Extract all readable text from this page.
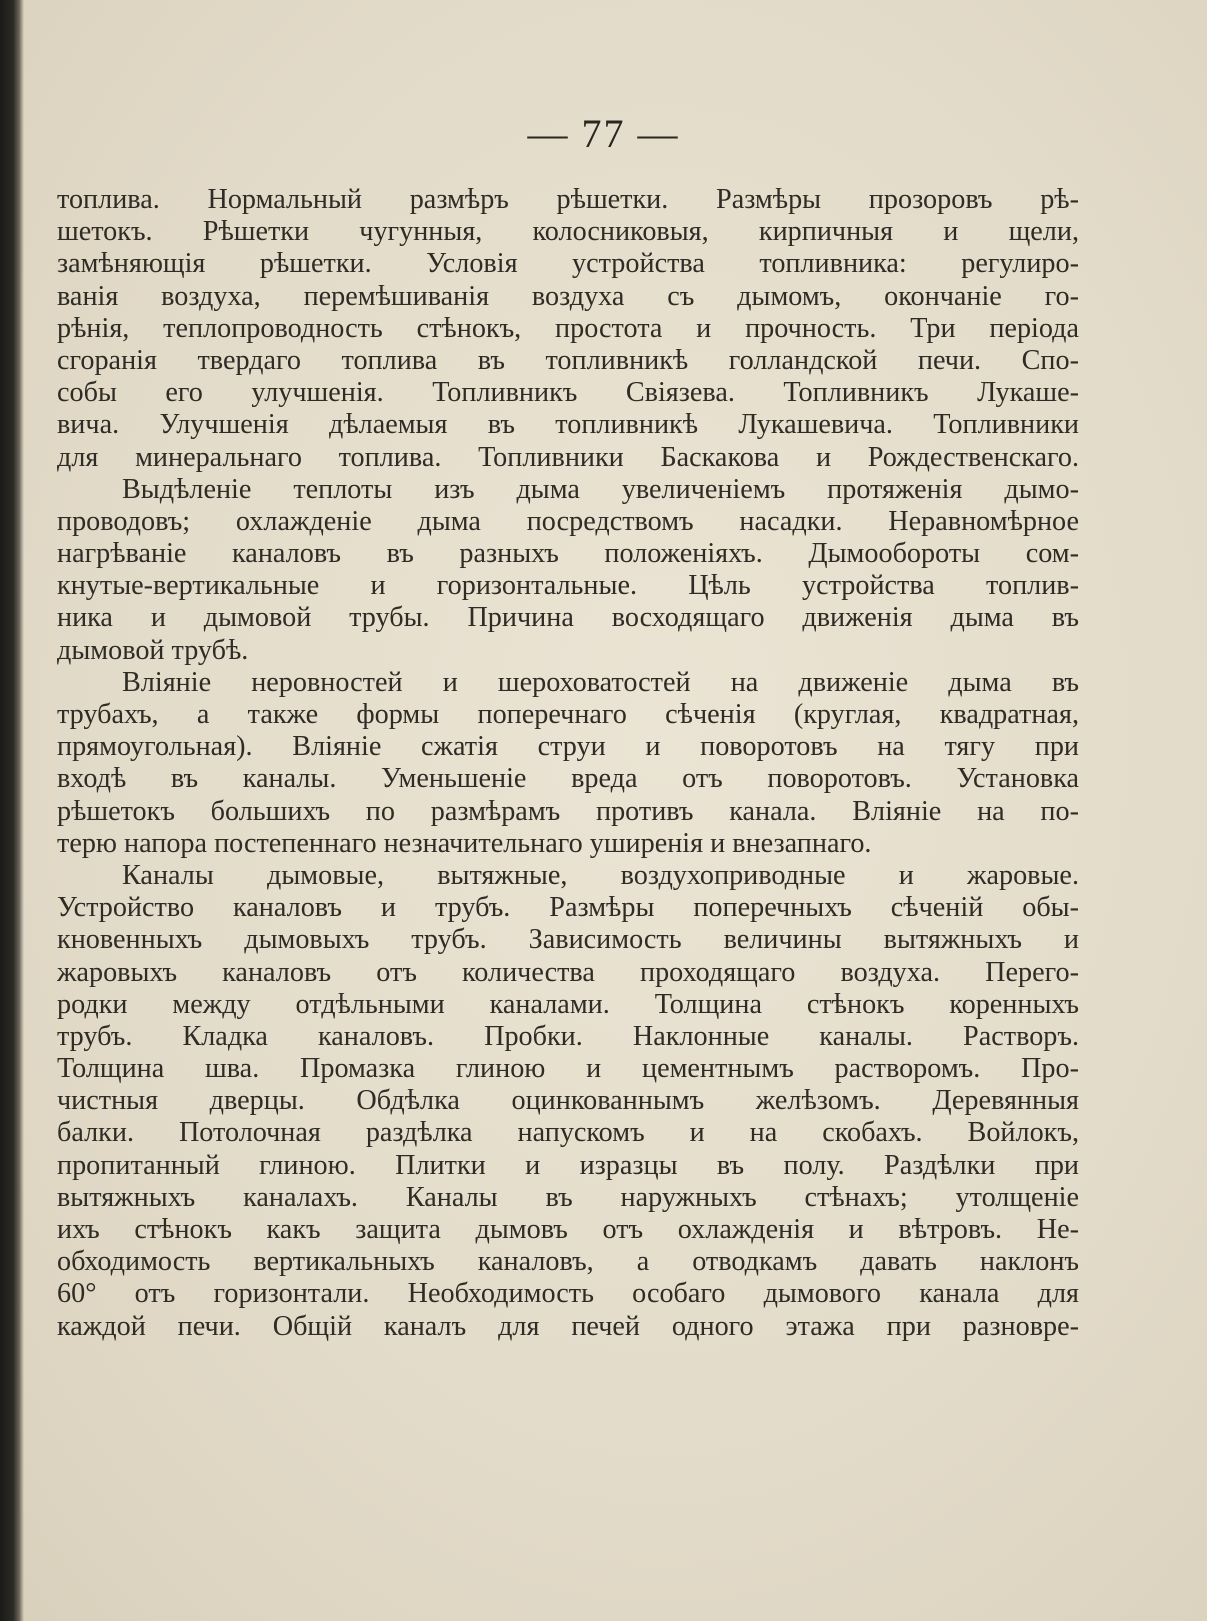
— 77 —
топлива. Нормальный размѣръ рѣшетки. Размѣры прозоровъ рѣ-
шетокъ. Рѣшетки чугунныя, колосниковыя, кирпичныя и щели,
замѣняющія рѣшетки. Условія устройства топливника: регулиро-
ванія воздуха, перемѣшиванія воздуха съ дымомъ, окончаніе го-
рѣнія, теплопроводность стѣнокъ, простота и прочность. Три періода
сгоранія твердаго топлива въ топливникѣ голландской печи. Спо-
собы его улучшенія. Топливникъ Свіязева. Топливникъ Лукаше-
вича. Улучшенія дѣлаемыя въ топливникѣ Лукашевича. Топливники
для минеральнаго топлива. Топливники Баскакова и Рождественскаго.
Выдѣленіе теплоты изъ дыма увеличеніемъ протяженія дымо-
проводовъ; охлажденіе дыма посредствомъ насадки. Неравномѣрное
нагрѣваніе каналовъ въ разныхъ положеніяхъ. Дымообороты сом-
кнутые-вертикальные и горизонтальные. Цѣль устройства топлив-
ника и дымовой трубы. Причина восходящаго движенія дыма въ
дымовой трубѣ.
Вліяніе неровностей и шероховатостей на движеніе дыма въ
трубахъ, а также формы поперечнаго сѣченія (круглая, квадратная,
прямоугольная). Вліяніе сжатія струи и поворотовъ на тягу при
входѣ въ каналы. Уменьшеніе вреда отъ поворотовъ. Установка
рѣшетокъ большихъ по размѣрамъ противъ канала. Вліяніе на по-
терю напора постепеннаго незначительнаго уширенія и внезапнаго.
Каналы дымовые, вытяжные, воздухоприводные и жаровые.
Устройство каналовъ и трубъ. Размѣры поперечныхъ сѣченій обы-
кновенныхъ дымовыхъ трубъ. Зависимость величины вытяжныхъ и
жаровыхъ каналовъ отъ количества проходящаго воздуха. Перего-
родки между отдѣльными каналами. Толщина стѣнокъ коренныхъ
трубъ. Кладка каналовъ. Пробки. Наклонные каналы. Растворъ.
Толщина шва. Промазка глиною и цементнымъ растворомъ. Про-
чистныя дверцы. Обдѣлка оцинкованнымъ желѣзомъ. Деревянныя
балки. Потолочная раздѣлка напускомъ и на скобахъ. Войлокъ,
пропитанный глиною. Плитки и изразцы въ полу. Раздѣлки при
вытяжныхъ каналахъ. Каналы въ наружныхъ стѣнахъ; утолщеніе
ихъ стѣнокъ какъ защита дымовъ отъ охлажденія и вѣтровъ. Не-
обходимость вертикальныхъ каналовъ, а отводкамъ давать наклонъ
60° отъ горизонтали. Необходимость особаго дымового канала для
каждой печи. Общій каналъ для печей одного этажа при разновре-
